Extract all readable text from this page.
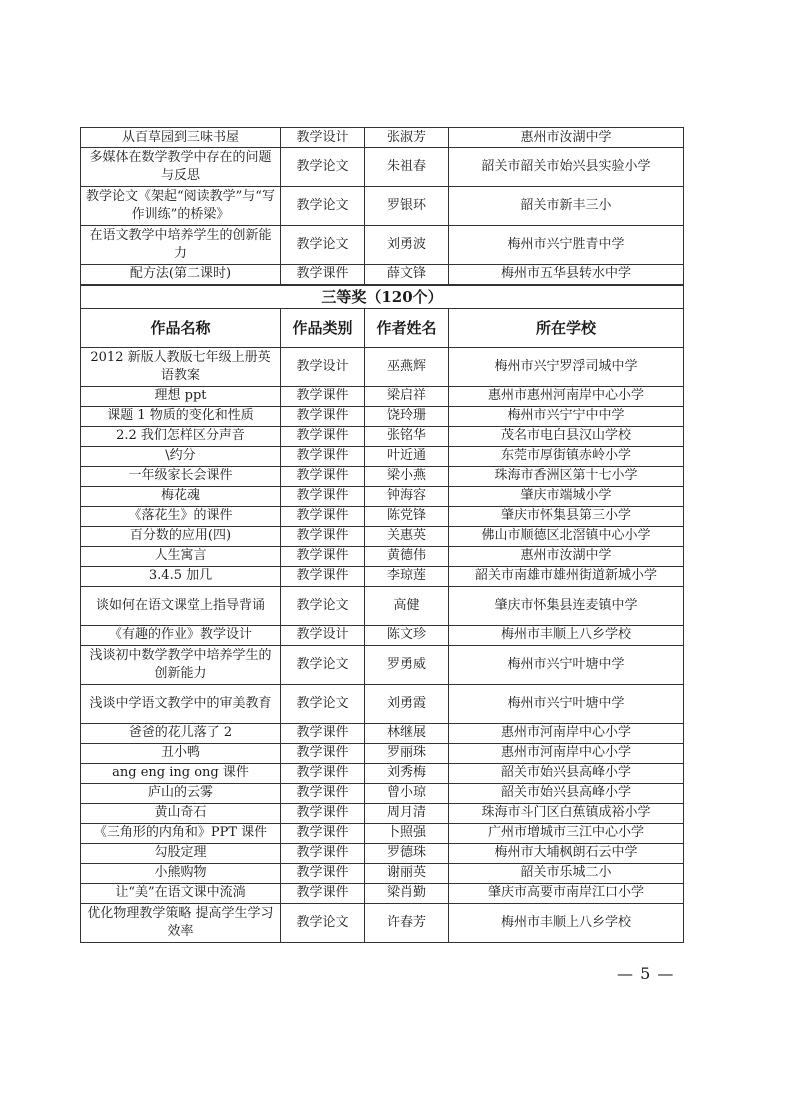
从百草园到三味书屋	教学设计	张淑芳	惠州市汝湖中学
多媒体在数学教学中存在的问题与反思	教学论文	朱祖春	韶关市韶关市始兴县实验小学
教学论文《架起“阅读教学”与“写作训练”的桥梁》	教学论文	罗银环	韶关市新丰三小
在语文教学中培养学生的创新能力	教学论文	刘勇波	梅州市兴宁胜青中学
配方法(第二课时)	教学课件	薛文锋	梅州市五华县转水中学
三等奖（120个）			
作品名称	作品类别	作者姓名	所在学校
2012 新版人教版七年级上册英语教案	教学设计	巫燕辉	梅州市兴宁罗浮司城中学
理想 ppt	教学课件	梁启祥	惠州市惠州河南岸中心小学
课题 1 物质的变化和性质	教学课件	饶玲珊	梅州市兴宁宁中中学
2.2 我们怎样区分声音	教学课件	张铭华	茂名市电白县汉山学校
\约分	教学课件	叶近通	东莞市厚街镇赤岭小学
一年级家长会课件	教学课件	梁小燕	珠海市香洲区第十七小学
梅花魂	教学课件	钟海容	肇庆市端城小学
《落花生》的课件	教学课件	陈党锋	肇庆市怀集县第三小学
百分数的应用(四)	教学课件	关惠英	佛山市顺德区北滘镇中心小学
人生寓言	教学课件	黄德伟	惠州市汝湖中学
3.4.5 加几	教学课件	李琼莲	韶关市南雄市雄州街道新城小学
谈如何在语文课堂上指导背诵	教学论文	高健	肇庆市怀集县连麦镇中学
《有趣的作业》教学设计	教学设计	陈文珍	梅州市丰顺上八乡学校
浅谈初中数学教学中培养学生的创新能力	教学论文	罗勇威	梅州市兴宁叶塘中学
浅谈中学语文教学中的审美教育	教学论文	刘勇霞	梅州市兴宁叶塘中学
爸爸的花儿落了 2	教学课件	林继展	惠州市河南岸中心小学
丑小鸭	教学课件	罗丽珠	惠州市河南岸中心小学
ang eng ing ong 课件	教学课件	刘秀梅	韶关市始兴县高峰小学
庐山的云雾	教学课件	曾小琼	韶关市始兴县高峰小学
黄山奇石	教学课件	周月清	珠海市斗门区白蕉镇成裕小学
《三角形的内角和》PPT 课件	教学课件	卜照强	广州市增城市三江中心小学
勾股定理	教学课件	罗德珠	梅州市大埔枫朗石云中学
小熊购物	教学课件	谢丽英	韶关市乐城二小
让“美”在语文课中流淌	教学课件	梁肖勤	肇庆市高要市南岸江口小学
优化物理教学策略 提高学生学习效率	教学论文	许春芳	梅州市丰顺上八乡学校
— 5 —
